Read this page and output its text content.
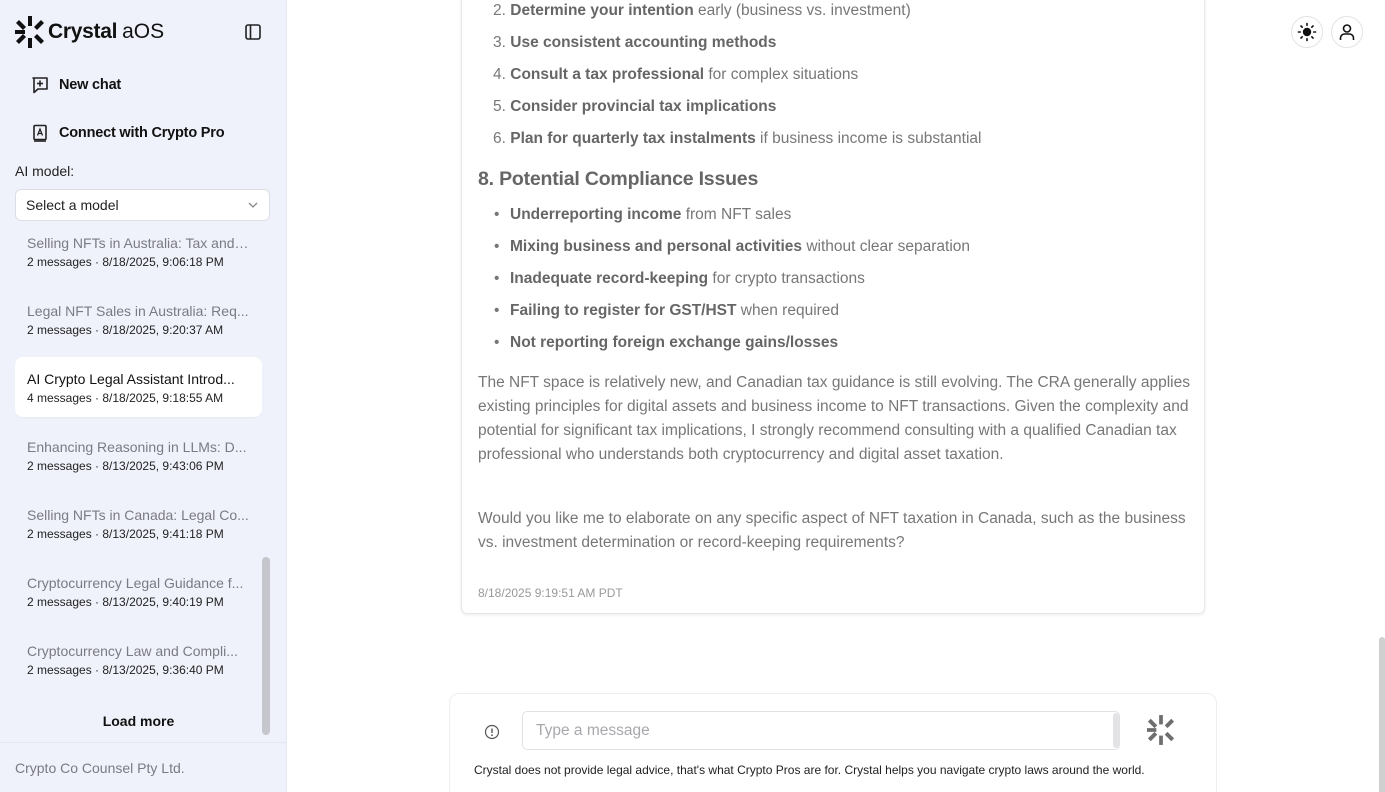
Crystal aOS
New chat
Connect with Crypto Pro
AI model:
Select a model
Selling NFTs in Australia: Tax and ...
2 messages · 8/18/2025, 9:06:18 PM
Legal NFT Sales in Australia: Req...
2 messages · 8/18/2025, 9:20:37 AM
AI Crypto Legal Assistant Introd...
4 messages · 8/18/2025, 9:18:55 AM
Enhancing Reasoning in LLMs: D...
2 messages · 8/13/2025, 9:43:06 PM
Selling NFTs in Canada: Legal Co...
2 messages · 8/13/2025, 9:41:18 PM
Cryptocurrency Legal Guidance f...
2 messages · 8/13/2025, 9:40:19 PM
Cryptocurrency Law and Compli...
2 messages · 8/13/2025, 9:36:40 PM
Load more
Crypto Co Counsel Pty Ltd.
2. Determine your intention early (business vs. investment)
3. Use consistent accounting methods
4. Consult a tax professional for complex situations
5. Consider provincial tax implications
6. Plan for quarterly tax instalments if business income is substantial
8. Potential Compliance Issues
• Underreporting income from NFT sales
• Mixing business and personal activities without clear separation
• Inadequate record-keeping for crypto transactions
• Failing to register for GST/HST when required
• Not reporting foreign exchange gains/losses

The NFT space is relatively new, and Canadian tax guidance is still evolving. The CRA generally applies existing principles for digital assets and business income to NFT transactions. Given the complexity and potential for significant tax implications, I strongly recommend consulting with a qualified Canadian tax professional who understands both cryptocurrency and digital asset taxation.

Would you like me to elaborate on any specific aspect of NFT taxation in Canada, such as the business vs. investment determination or record-keeping requirements?

8/18/2025 9:19:51 AM PDT
Type a message
Crystal does not provide legal advice, that's what Crypto Pros are for. Crystal helps you navigate crypto laws around the world.
